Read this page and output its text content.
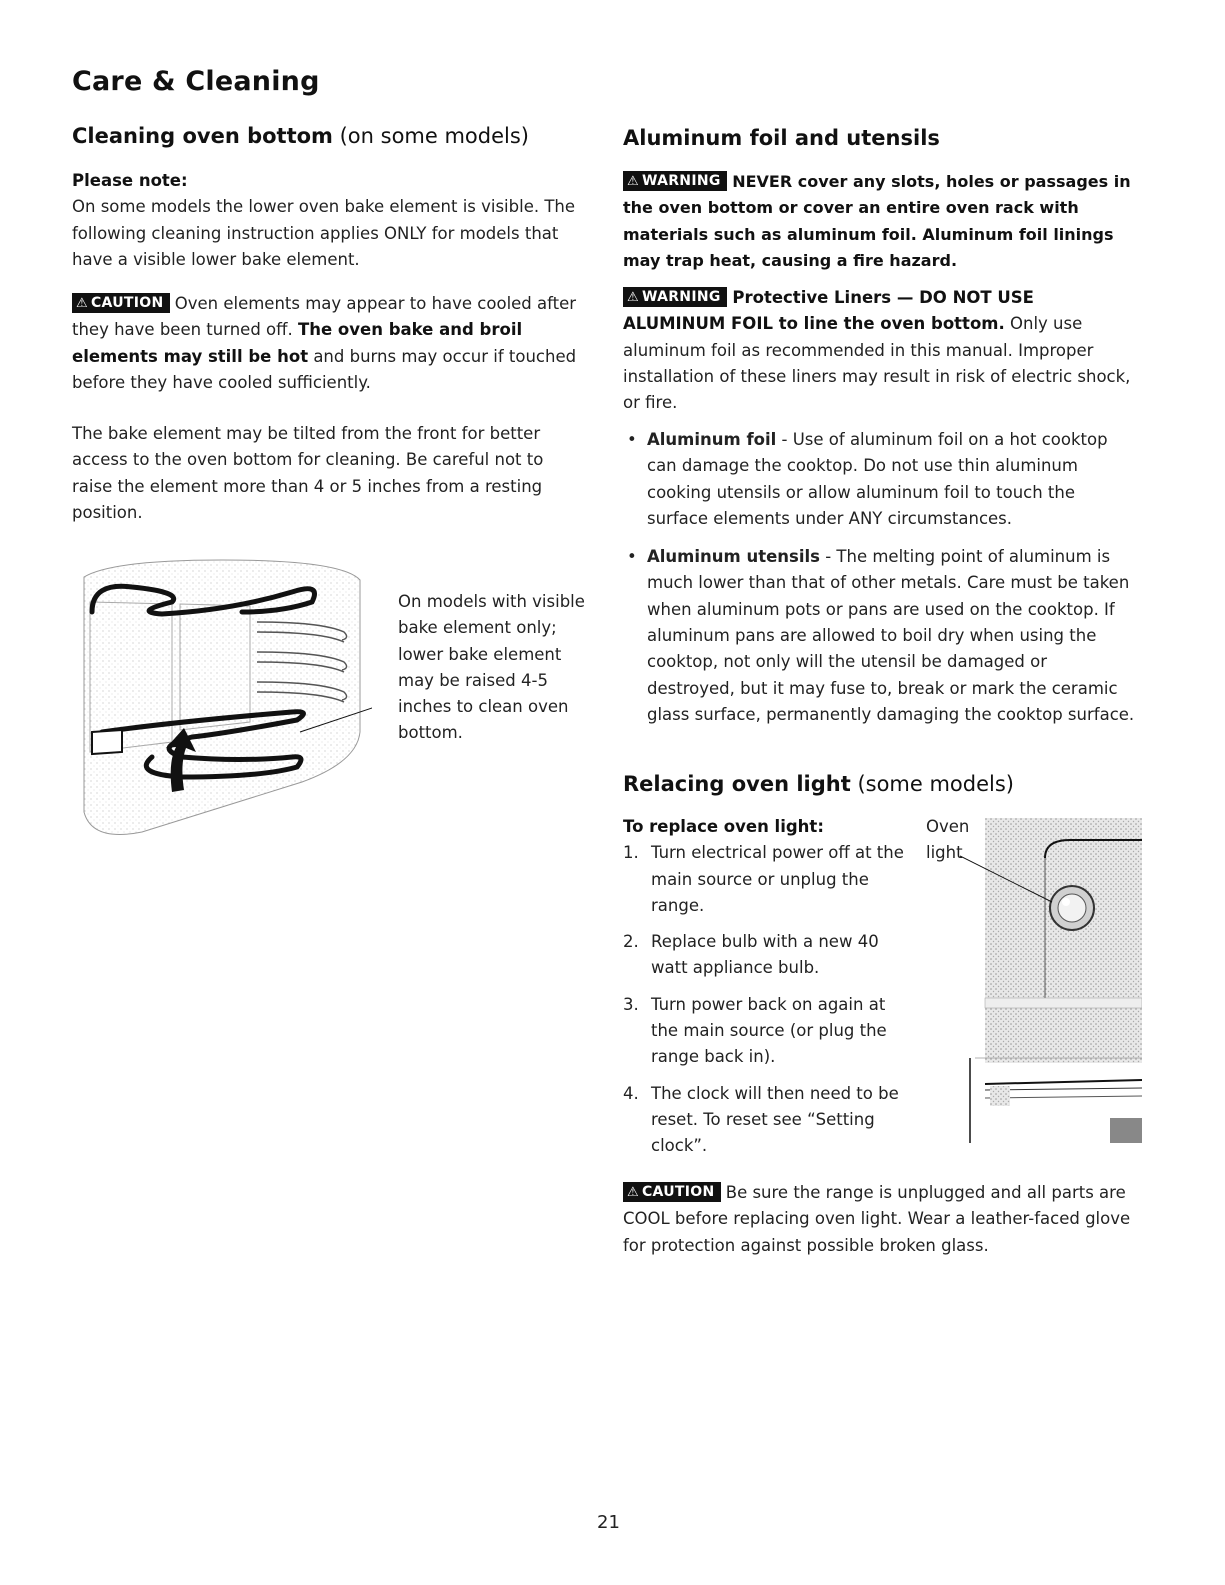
Care & Cleaning

Cleaning oven bottom (on some models)

Please note:

On some models the lower oven bake element is visible. The following cleaning instruction applies ONLY for models that have a visible lower bake element.

⚠ CAUTION Oven elements may appear to have cooled after they have been turned off. The oven bake and broil elements may still be hot and burns may occur if touched before they have cooled sufficiently.

The bake element may be tilted from the front for better access to the oven bottom for cleaning. Be careful not to raise the element more than 4 or 5 inches from a resting position.

On models with visible bake element only; lower bake element may be raised 4-5 inches to clean oven bottom.

Aluminum foil and utensils

⚠ WARNING NEVER cover any slots, holes or passages in the oven bottom or cover an entire oven rack with materials such as aluminum foil. Aluminum foil linings may trap heat, causing a fire hazard.

⚠ WARNING Protective Liners — DO NOT USE ALUMINUM FOIL to line the oven bottom. Only use aluminum foil as recommended in this manual. Improper installation of these liners may result in risk of electric shock, or fire.

• Aluminum foil - Use of aluminum foil on a hot cooktop can damage the cooktop. Do not use thin aluminum cooking utensils or allow aluminum foil to touch the surface elements under ANY circumstances.
• Aluminum utensils - The melting point of aluminum is much lower than that of other metals. Care must be taken when aluminum pots or pans are used on the cooktop. If aluminum pans are allowed to boil dry when using the cooktop, not only will the utensil be damaged or destroyed, but it may fuse to, break or mark the ceramic glass surface, permanently damaging the cooktop surface.

Relacing oven light (some models)

To replace oven light:

1. Turn electrical power off at the main source or unplug the range.
2. Replace bulb with a new 40 watt appliance bulb.
3. Turn power back on again at the main source (or plug the range back in).
4. The clock will then need to be reset. To reset see “Setting clock”.
Oven
light

⚠ CAUTION Be sure the range is unplugged and all parts are COOL before replacing oven light. Wear a leather-faced glove for protection against possible broken glass.

21
